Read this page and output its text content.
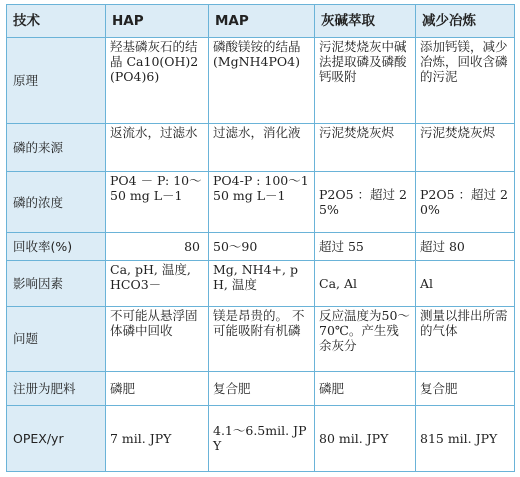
技术	HAP	MAP	灰碱萃取	减少冶炼
原理	羟基磷灰石的结晶 Ca10(OH)2(PO4)6)	磷酸镁铵的结晶 (MgNH4PO4)	污泥焚烧灰中碱法提取磷及磷酸钙吸附	添加钙镁，减少冶炼，回收含磷的污泥
磷的来源	返流水，过滤水	过滤水，消化液	污泥焚烧灰烬	污泥焚烧灰烬
磷的浓度	PO4 － P: 10～50 mg L－1	PO4-P : 100～150 mg L－1	P2O5 ：超过 25%	P2O5 ：超过 20%
回收率(%)	80	50～90	超过 55	超过 80
影响因素	Ca, pH, 温度, HCO3－	Mg, NH4+, pH, 温度	Ca, Al	Al
问题	不可能从悬浮固体磷中回收	镁是昂贵的。 不可能吸附有机磷	反应温度为50～70℃。产生残余灰分	测量以排出所需的气体
注册为肥料	磷肥	复合肥	磷肥	复合肥
OPEX/yr	7 mil. JPY	4.1～6.5mil. JPY	80 mil. JPY	815 mil. JPY
